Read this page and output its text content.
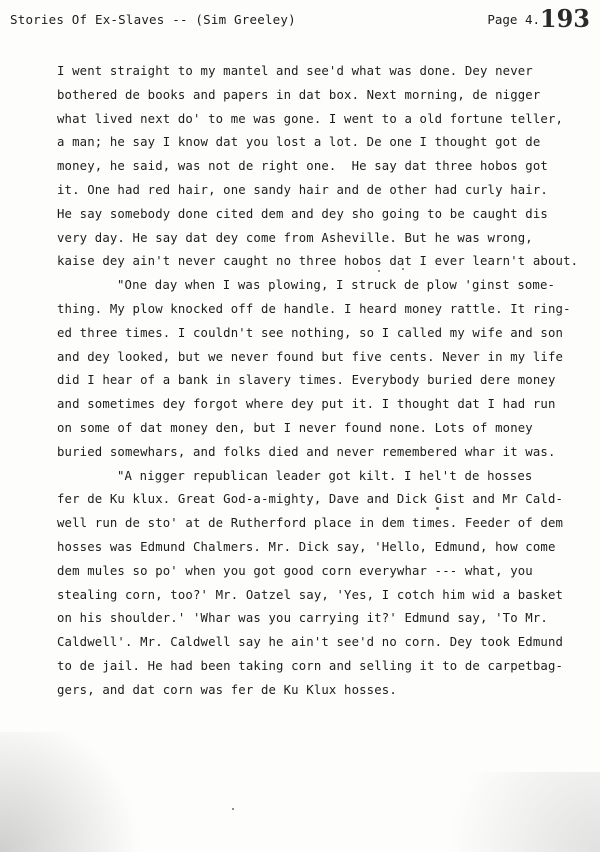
Stories Of Ex-Slaves -- (Sim Greeley)	Page 4. 193
I went straight to my mantel and see'd what was done. Dey never
bothered de books and papers in dat box. Next morning, de nigger
what lived next do' to me was gone. I went to a old fortune teller,
a man; he say I know dat you lost a lot. De one I thought got de
money, he said, was not de right one.  He say dat three hobos got
it. One had red hair, one sandy hair and de other had curly hair.
He say somebody done cited dem and dey sho going to be caught dis
very day. He say dat dey come from Asheville. But he was wrong,
kaise dey ain't never caught no three hobos dat I ever learn't about.
"One day when I was plowing, I struck de plow 'ginst some-
thing. My plow knocked off de handle. I heard money rattle. It ring-
ed three times. I couldn't see nothing, so I called my wife and son
and dey looked, but we never found but five cents. Never in my life
did I hear of a bank in slavery times. Everybody buried dere money
and sometimes dey forgot where dey put it. I thought dat I had run
on some of dat money den, but I never found none. Lots of money
buried somewhars, and folks died and never remembered whar it was.
"A nigger republican leader got kilt. I hel't de hosses
fer de Ku klux. Great God-a-mighty, Dave and Dick Gist and Mr Cald-
well run de sto' at de Rutherford place in dem times. Feeder of dem
hosses was Edmund Chalmers. Mr. Dick say, 'Hello, Edmund, how come
dem mules so po' when you got good corn everywhar --- what, you
stealing corn, too?' Mr. Oatzel say, 'Yes, I cotch him wid a basket
on his shoulder.' 'Whar was you carrying it?' Edmund say, 'To Mr.
Caldwell'. Mr. Caldwell say he ain't see'd no corn. Dey took Edmund
to de jail. He had been taking corn and selling it to de carpetbag-
gers, and dat corn was fer de Ku Klux hosses.
